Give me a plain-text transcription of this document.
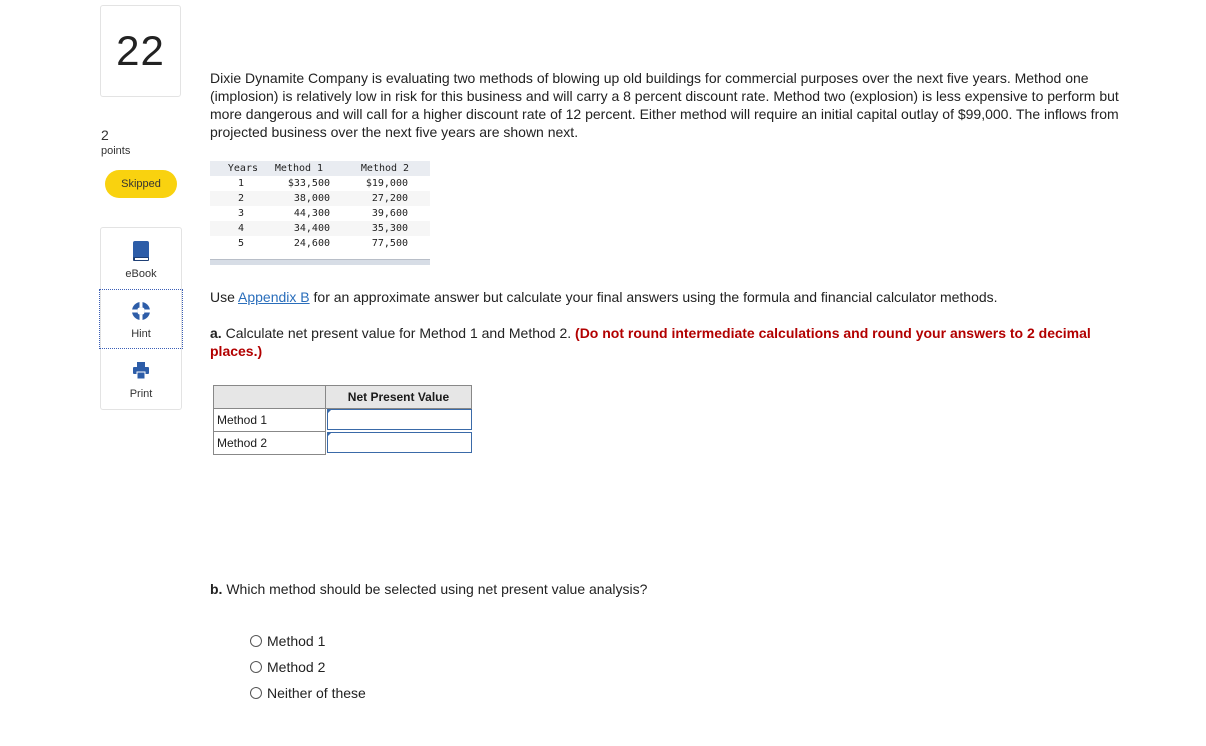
22
2
points
Skipped
eBook
Hint
Print
Dixie Dynamite Company is evaluating two methods of blowing up old buildings for commercial purposes over the next five years. Method one (implosion) is relatively low in risk for this business and will carry a 8 percent discount rate. Method two (explosion) is less expensive to perform but more dangerous and will call for a higher discount rate of 12 percent. Either method will require an initial capital outlay of $99,000. The inflows from projected business over the next five years are shown next.
Years	Method 1	Method 2
1	$33,500	$19,000
2	38,000	27,200
3	44,300	39,600
4	34,400	35,300
5	24,600	77,500
Use Appendix B for an approximate answer but calculate your final answers using the formula and financial calculator methods.
a. Calculate net present value for Method 1 and Method 2. (Do not round intermediate calculations and round your answers to 2 decimal places.)
Net Present Value
Method 1
Method 2
b. Which method should be selected using net present value analysis?
Method 1
Method 2
Neither of these
